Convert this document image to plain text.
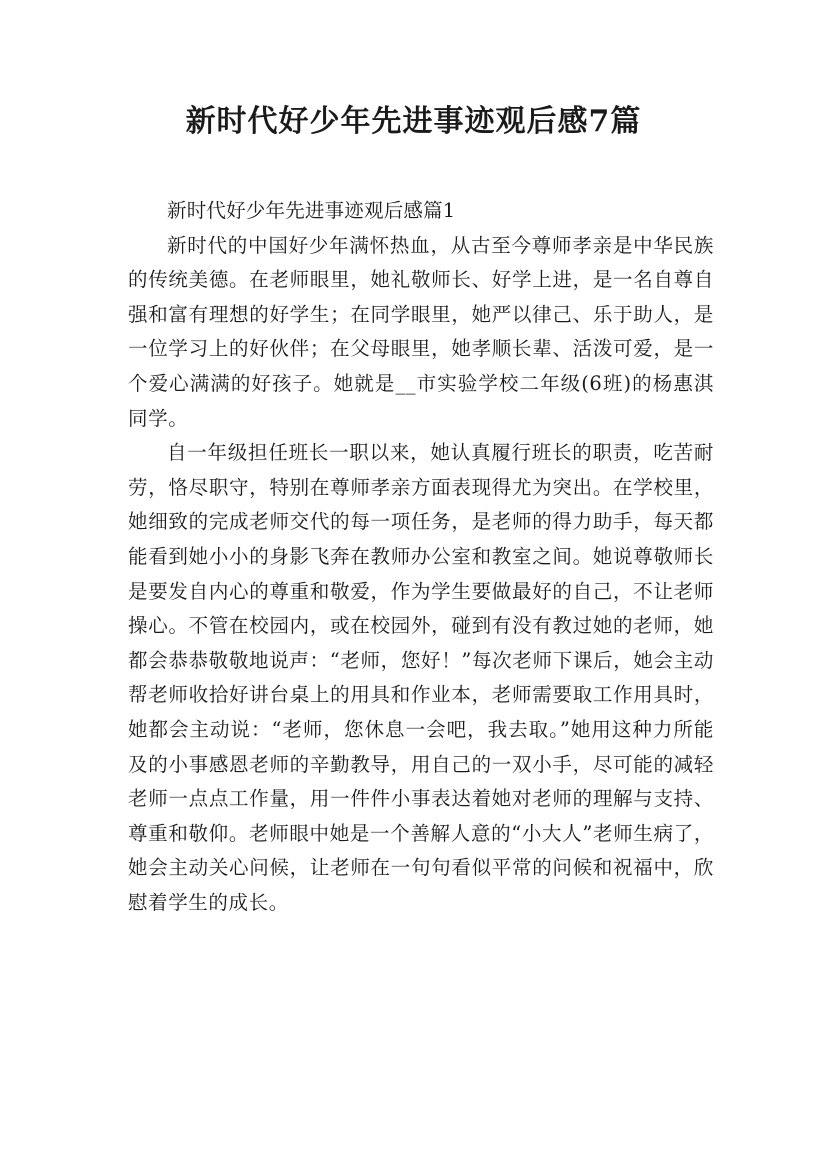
新时代好少年先进事迹观后感7篇

新时代好少年先进事迹观后感篇1

新时代的中国好少年满怀热血，从古至今尊师孝亲是中华民族的传统美德。在老师眼里，她礼敬师长、好学上进，是一名自尊自强和富有理想的好学生；在同学眼里，她严以律己、乐于助人，是一位学习上的好伙伴；在父母眼里，她孝顺长辈、活泼可爱，是一个爱心满满的好孩子。她就是__市实验学校二年级(6班)的杨惠淇同学。

自一年级担任班长一职以来，她认真履行班长的职责，吃苦耐劳，恪尽职守，特别在尊师孝亲方面表现得尤为突出。在学校里，她细致的完成老师交代的每一项任务，是老师的得力助手，每天都能看到她小小的身影飞奔在教师办公室和教室之间。她说尊敬师长是要发自内心的尊重和敬爱，作为学生要做最好的自己，不让老师操心。不管在校园内，或在校园外，碰到有没有教过她的老师，她都会恭恭敬敬地说声：“老师，您好！”每次老师下课后，她会主动帮老师收拾好讲台桌上的用具和作业本，老师需要取工作用具时，她都会主动说：“老师，您休息一会吧，我去取。”她用这种力所能及的小事感恩老师的辛勤教导，用自己的一双小手，尽可能的减轻老师一点点工作量，用一件件小事表达着她对老师的理解与支持、尊重和敬仰。老师眼中她是一个善解人意的“小大人”老师生病了，她会主动关心问候，让老师在一句句看似平常的问候和祝福中，欣慰着学生的成长。
